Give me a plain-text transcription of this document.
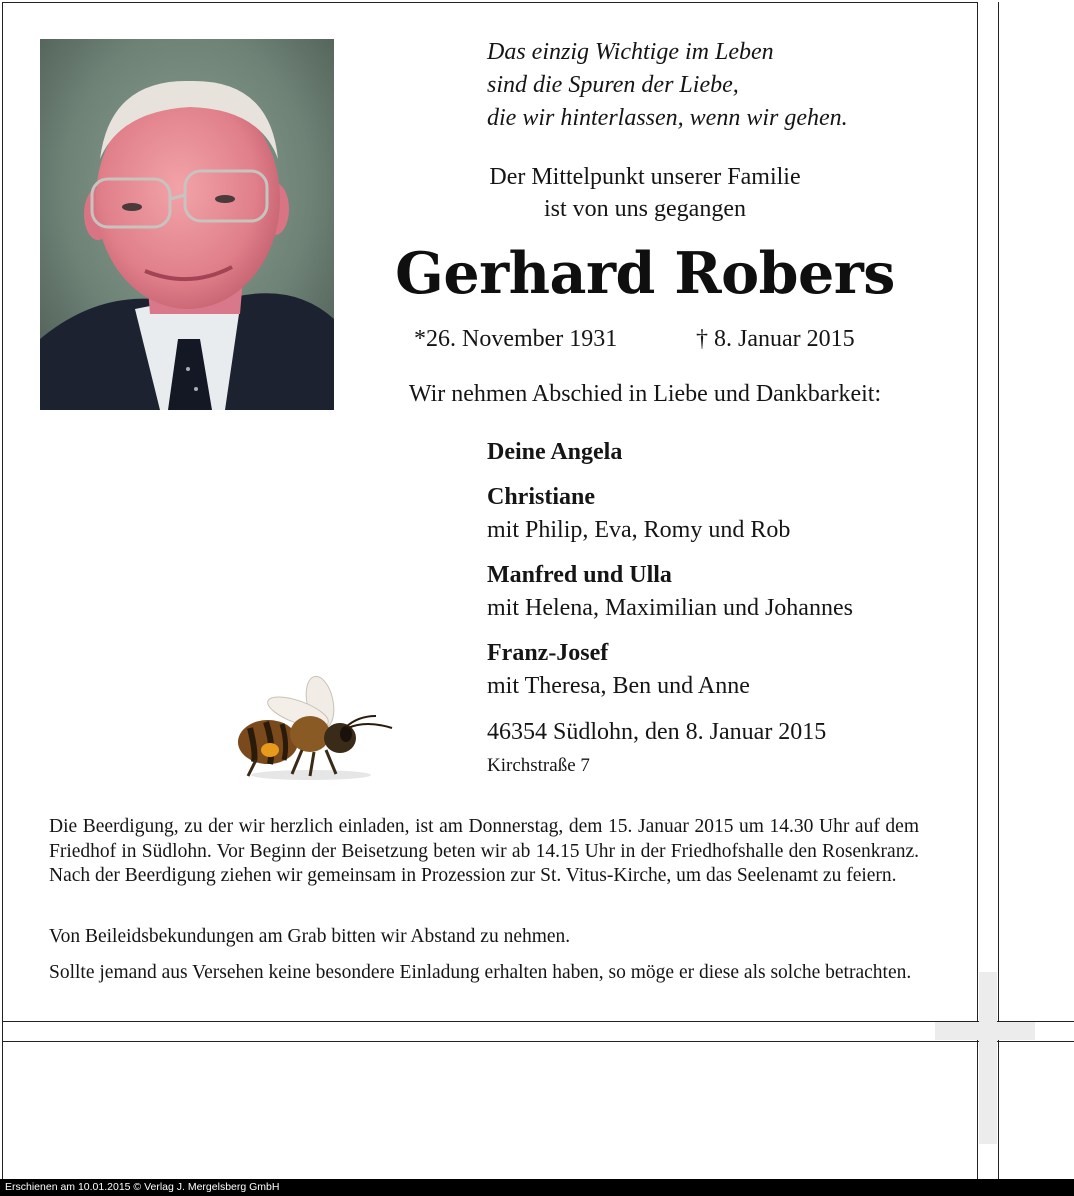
Das einzig Wichtige im Leben
sind die Spuren der Liebe,
die wir hinterlassen, wenn wir gehen.
Der Mittelpunkt unserer Familie
ist von uns gegangen
Gerhard Robers
*26. November 1931	† 8. Januar 2015
Wir nehmen Abschied in Liebe und Dankbarkeit:
Deine Angela
Christiane
mit Philip, Eva, Romy und Rob
Manfred und Ulla
mit Helena, Maximilian und Johannes
Franz-Josef
mit Theresa, Ben und Anne
46354 Südlohn, den 8. Januar 2015
Kirchstraße 7
Die Beerdigung, zu der wir herzlich einladen, ist am Donnerstag, dem 15. Januar 2015 um 14.30 Uhr auf dem Friedhof in Südlohn. Vor Beginn der Beisetzung beten wir ab 14.15 Uhr in der Friedhofshalle den Rosenkranz. Nach der Beerdigung ziehen wir gemeinsam in Prozession zur St. Vitus-Kirche, um das Seelenamt zu feiern.
Von Beileidsbekundungen am Grab bitten wir Abstand zu nehmen.
Sollte jemand aus Versehen keine besondere Einladung erhalten haben, so möge er diese als solche betrachten.
Erschienen am 10.01.2015 © Verlag J. Mergelsberg GmbH
